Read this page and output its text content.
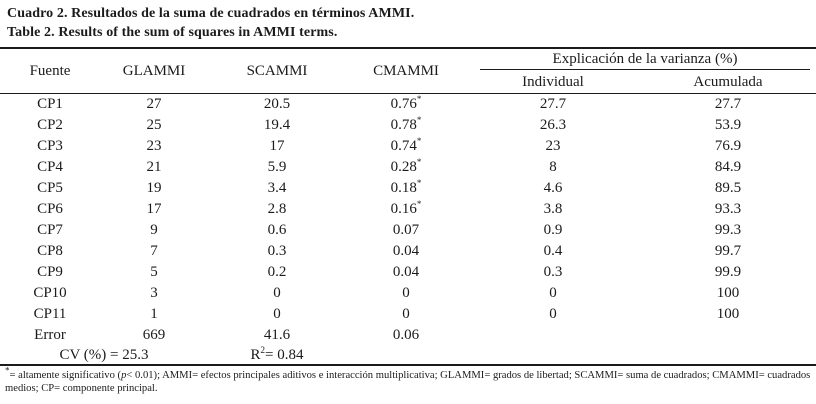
Cuadro 2. Resultados de la suma de cuadrados en términos AMMI.
Table 2. Results of the sum of squares in AMMI terms.
Fuente	GLAMMI	SCAMMI	CMAMMI	Explicación de la varianza (%)	

				Individual	Acumulada
CP1	27	20.5	0.76*	27.7	27.7
CP2	25	19.4	0.78*	26.3	53.9
CP3	23	17	0.74*	23	76.9
CP4	21	5.9	0.28*	8	84.9
CP5	19	3.4	0.18*	4.6	89.5
CP6	17	2.8	0.16*	3.8	93.3
CP7	9	0.6	0.07	0.9	99.3
CP8	7	0.3	0.04	0.4	99.7
CP9	5	0.2	0.04	0.3	99.9
CP10	3	0	0	0	100
CP11	1	0	0	0	100
Error	669	41.6	0.06		
CV (%) = 25.3		$R^2= 0.84$			
*= altamente significativo (p< 0.01); AMMI= efectos principales aditivos e interacción multiplicativa; GLAMMI= grados de libertad; SCAMMI= suma de cuadrados; CMAMMI= cuadrados medios; CP= componente principal.
